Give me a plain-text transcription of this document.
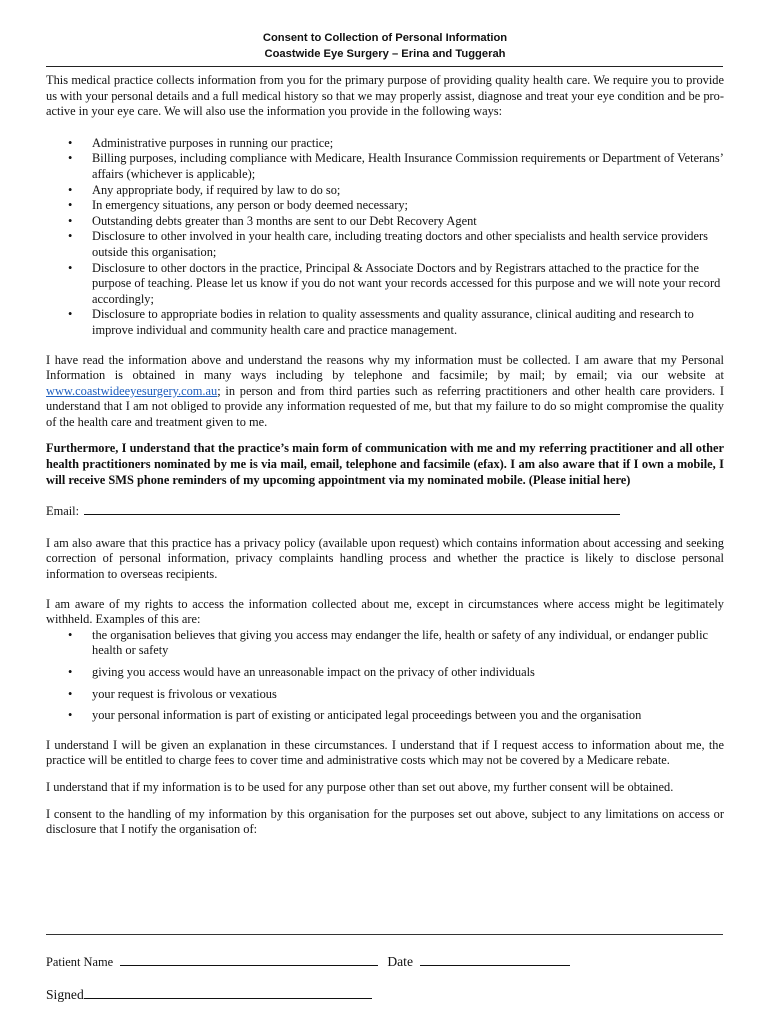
Consent to Collection of Personal Information
Coastwide Eye Surgery – Erina and Tuggerah

This medical practice collects information from you for the primary purpose of providing quality health care. We require you to provide us with your personal details and a full medical history so that we may properly assist, diagnose and treat your eye condition and be pro-active in your eye care. We will also use the information you provide in the following ways:

• Administrative purposes in running our practice;
• Billing purposes, including compliance with Medicare, Health Insurance Commission requirements or Department of Veterans’ affairs (whichever is applicable);
• Any appropriate body, if required by law to do so;
• In emergency situations, any person or body deemed necessary;
• Outstanding debts greater than 3 months are sent to our Debt Recovery Agent
• Disclosure to other involved in your health care, including treating doctors and other specialists and health service providers outside this organisation;
• Disclosure to other doctors in the practice, Principal & Associate Doctors and by Registrars attached to the practice for the purpose of teaching. Please let us know if you do not want your records accessed for this purpose and we will note your record accordingly;
• Disclosure to appropriate bodies in relation to quality assessments and quality assurance, clinical auditing and research to improve individual and community health care and practice management.

I have read the information above and understand the reasons why my information must be collected. I am aware that my Personal Information is obtained in many ways including by telephone and facsimile; by mail; by email; via our website at www.coastwideeyesurgery.com.au; in person and from third parties such as referring practitioners and other health care providers. I understand that I am not obliged to provide any information requested of me, but that my failure to do so might compromise the quality of the health care and treatment given to me.

Furthermore, I understand that the practice’s main form of communication with me and my referring practitioner and all other health practitioners nominated by me is via mail, email, telephone and facsimile (efax). I am also aware that if I own a mobile, I will receive SMS phone reminders of my upcoming appointment via my nominated mobile. (Please initial here)

Email:

I am also aware that this practice has a privacy policy (available upon request) which contains information about accessing and seeking correction of personal information, privacy complaints handling process and whether the practice is likely to disclose personal information to overseas recipients.

I am aware of my rights to access the information collected about me, except in circumstances where access might be legitimately withheld. Examples of this are:

• the organisation believes that giving you access may endanger the life, health or safety of any individual, or endanger public health or safety
• giving you access would have an unreasonable impact on the privacy of other individuals
• your request is frivolous or vexatious
• your personal information is part of existing or anticipated legal proceedings between you and the organisation

I understand I will be given an explanation in these circumstances. I understand that if I request access to information about me, the practice will be entitled to charge fees to cover time and administrative costs which may not be covered by a Medicare rebate.

I understand that if my information is to be used for any purpose other than set out above, my further consent will be obtained.

I consent to the handling of my information by this organisation for the purposes set out above, subject to any limitations on access or disclosure that I notify the organisation of:

Patient Name	Date
Signed
